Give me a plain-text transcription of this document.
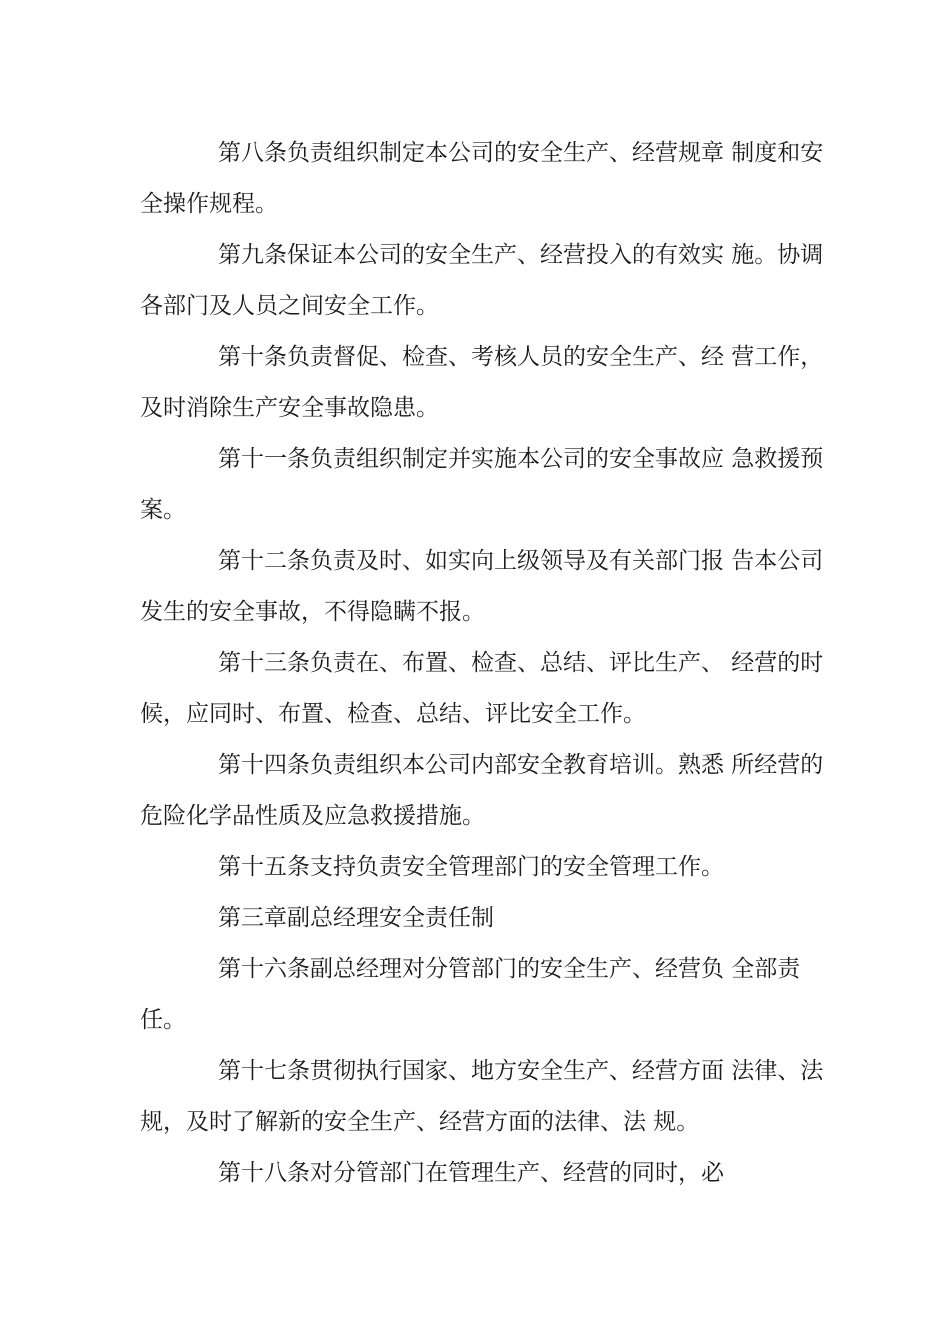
第八条负责组织制定本公司的安全生产、经营规章 制度和安全操作规程。

第九条保证本公司的安全生产、经营投入的有效实 施。协调各部门及人员之间安全工作。

第十条负责督促、检查、考核人员的安全生产、经 营工作，及时消除生产安全事故隐患。

第十一条负责组织制定并实施本公司的安全事故应 急救援预案。

第十二条负责及时、如实向上级领导及有关部门报 告本公司发生的安全事故，不得隐瞒不报。

第十三条负责在、布置、检查、总结、评比生产、 经营的时候，应同时、布置、检查、总结、评比安全工作。

第十四条负责组织本公司内部安全教育培训。熟悉 所经营的危险化学品性质及应急救援措施。

第十五条支持负责安全管理部门的安全管理工作。

第三章副总经理安全责任制

第十六条副总经理对分管部门的安全生产、经营负 全部责任。

第十七条贯彻执行国家、地方安全生产、经营方面 法律、法规，及时了解新的安全生产、经营方面的法律、法 规。

第十八条对分管部门在管理生产、经营的同时，必
